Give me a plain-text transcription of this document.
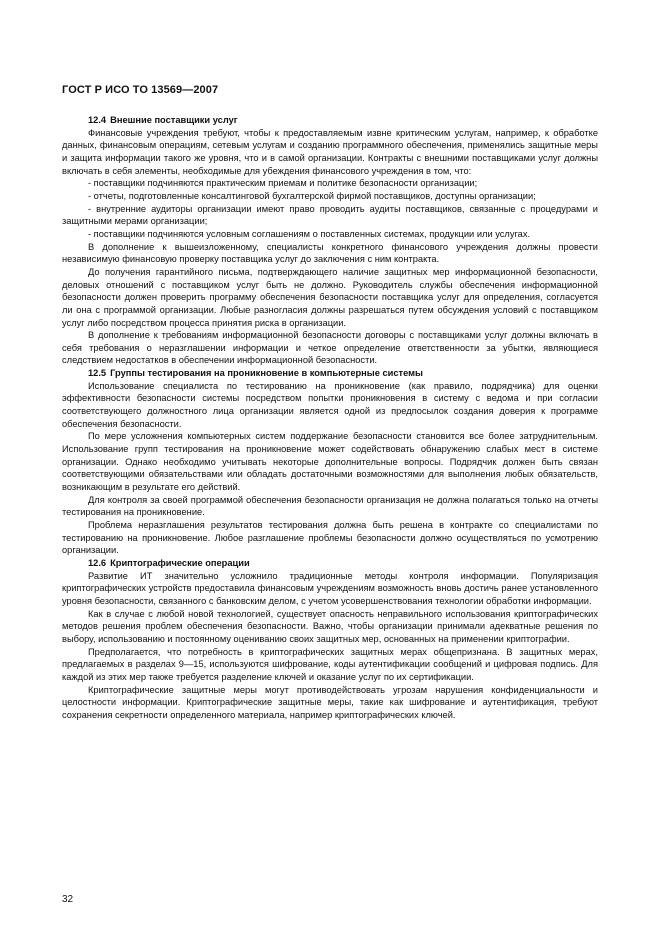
ГОСТ Р ИСО ТО 13569—2007
12.4 Внешние поставщики услуг

Финансовые учреждения требуют, чтобы к предоставляемым извне критическим услугам, например, к обработке данных, финансовым операциям, сетевым услугам и созданию программного обеспечения, применялись защитные меры и защита информации такого же уровня, что и в самой организации. Контракты с внешними поставщиками услуг должны включать в себя элементы, необходимые для убеждения финансового учреждения в том, что:

- поставщики подчиняются практическим приемам и политике безопасности организации;

- отчеты, подготовленные консалтинговой бухгалтерской фирмой поставщиков, доступны организации;

- внутренние аудиторы организации имеют право проводить аудиты поставщиков, связанные с процедурами и защитными мерами организации;

- поставщики подчиняются условным соглашениям о поставленных системах, продукции или услугах.

В дополнение к вышеизложенному, специалисты конкретного финансового учреждения должны провести независимую финансовую проверку поставщика услуг до заключения с ним контракта.

До получения гарантийного письма, подтверждающего наличие защитных мер информационной безопасности, деловых отношений с поставщиком услуг быть не должно. Руководитель службы обеспечения информационной безопасности должен проверить программу обеспечения безопасности поставщика услуг для определения, согласуется ли она с программой организации. Любые разногласия должны разрешаться путем обсуждения условий с поставщиком услуг либо посредством процесса принятия риска в организации.

В дополнение к требованиям информационной безопасности договоры с поставщиками услуг должны включать в себя требования о неразглашении информации и четкое определение ответственности за убытки, являющиеся следствием недостатков в обеспечении информационной безопасности.

12.5 Группы тестирования на проникновение в компьютерные системы

Использование специалиста по тестированию на проникновение (как правило, подрядчика) для оценки эффективности безопасности системы посредством попытки проникновения в систему с ведома и при согласии соответствующего должностного лица организации является одной из предпосылок создания доверия к программе обеспечения безопасности.

По мере усложнения компьютерных систем поддержание безопасности становится все более затруднительным. Использование групп тестирования на проникновение может содействовать обнаружению слабых мест в системе организации. Однако необходимо учитывать некоторые дополнительные вопросы. Подрядчик должен быть связан соответствующими обязательствами или обладать достаточными возможностями для выполнения любых обязательств, возникающим в результате его действий.

Для контроля за своей программой обеспечения безопасности организация не должна полагаться только на отчеты тестирования на проникновение.

Проблема неразглашения результатов тестирования должна быть решена в контракте со специалистами по тестированию на проникновение. Любое разглашение проблемы безопасности должно осуществляться по усмотрению организации.

12.6 Криптографические операции

Развитие ИТ значительно усложнило традиционные методы контроля информации. Популяризация криптографических устройств предоставила финансовым учреждениям возможность вновь достичь ранее установленного уровня безопасности, связанного с банковским делом, с учетом усовершенствования технологии обработки информации.

Как в случае с любой новой технологией, существует опасность неправильного использования криптографических методов решения проблем обеспечения безопасности. Важно, чтобы организации принимали адекватные решения по выбору, использованию и постоянному оцениванию своих защитных мер, основанных на применении криптографии.

Предполагается, что потребность в криптографических защитных мерах общепризнана. В защитных мерах, предлагаемых в разделах 9—15, используются шифрование, коды аутентификации сообщений и цифровая подпись. Для каждой из этих мер также требуется разделение ключей и оказание услуг по их сертификации.

Криптографические защитные меры могут противодействовать угрозам нарушения конфиденциальности и целостности информации. Криптографические защитные меры, такие как шифрование и аутентификация, требуют сохранения секретности определенного материала, например криптографических ключей.

32
